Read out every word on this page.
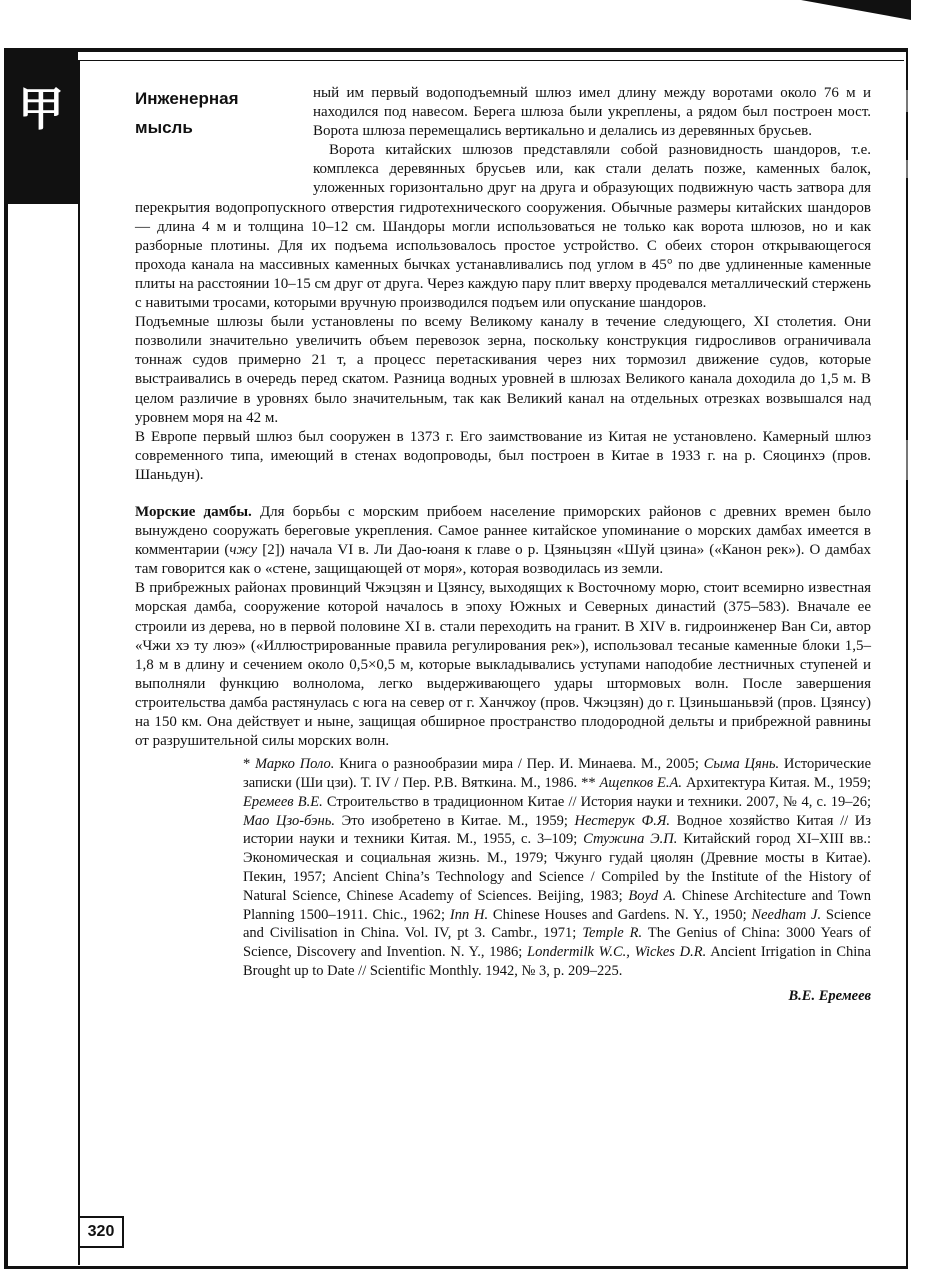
甲	Инженерная
мысль

ный им первый водоподъемный шлюз имел длину между воротами около 76 м и находился под навесом. Берега шлюза были укреплены, а рядом был построен мост. Ворота шлюза перемещались вертикально и делались из деревянных брусьев.

Ворота китайских шлюзов представляли собой разновидность шандоров, т.е. комплекса деревянных брусьев или, как стали делать позже, каменных балок, уложенных горизонтально друг на друга и образующих подвижную часть затвора для перекрытия водопропускного отверстия гидротехнического сооружения. Обычные размеры китайских шандоров — длина 4 м и толщина 10–12 см. Шандоры могли использоваться не только как ворота шлюзов, но и как разборные плотины. Для их подъема использовалось простое устройство. С обеих сторон открывающегося прохода канала на массивных каменных бычках устанавливались под углом в 45° по две удлиненные каменные плиты на расстоянии 10–15 см друг от друга. Через каждую пару плит вверху продевался металлический стержень с навитыми тросами, которыми вручную производился подъем или опускание шандоров.

Подъемные шлюзы были установлены по всему Великому каналу в течение следующего, XI столетия. Они позволили значительно увеличить объем перевозок зерна, поскольку конструкция гидросливов ограничивала тоннаж судов примерно 21 т, а процесс перетаскивания через них тормозил движение судов, которые выстраивались в очередь перед скатом. Разница водных уровней в шлюзах Великого канала доходила до 1,5 м. В целом различие в уровнях было значительным, так как Великий канал на отдельных отрезках возвышался над уровнем моря на 42 м.

В Европе первый шлюз был сооружен в 1373 г. Его заимствование из Китая не установлено. Камерный шлюз современного типа, имеющий в стенах водопроводы, был построен в Китае в 1933 г. на р. Сяоцинхэ (пров. Шаньдун).

Морские дамбы. Для борьбы с морским прибоем население приморских районов с древних времен было вынуждено сооружать береговые укрепления. Самое раннее китайское упоминание о морских дамбах имеется в комментарии (чжу [2]) начала VI в. Ли Дао-юаня к главе о р. Цзяньцзян «Шуй цзина» («Канон рек»). О дамбах там говорится как о «стене, защищающей от моря», которая возводилась из земли.

В прибрежных районах провинций Чжэцзян и Цзянсу, выходящих к Восточному морю, стоит всемирно известная морская дамба, сооружение которой началось в эпоху Южных и Северных династий (375–583). Вначале ее строили из дерева, но в первой половине XI в. стали переходить на гранит. В XIV в. гидроинженер Ван Си, автор «Чжи хэ ту люэ» («Иллюстрированные правила регулирования рек»), использовал тесаные каменные блоки 1,5–1,8 м в длину и сечением около 0,5×0,5 м, которые выкладывались уступами наподобие лестничных ступеней и выполняли функцию волнолома, легко выдерживающего удары штормовых волн. После завершения строительства дамба растянулась с юга на север от г. Ханчжоу (пров. Чжэцзян) до г. Цзиньшаньвэй (пров. Цзянсу) на 150 км. Она действует и ныне, защищая обширное пространство плодородной дельты и прибрежной равнины от разрушительной силы морских волн.

* Марко Поло. Книга о разнообразии мира / Пер. И. Минаева. М., 2005; Сыма Цянь. Исторические записки (Ши цзи). Т. IV / Пер. Р.В. Вяткина. М., 1986. ** Ащепков Е.А. Архитектура Китая. М., 1959; Еремеев В.Е. Строительство в традиционном Китае // История науки и техники. 2007, № 4, с. 19–26; Мао Цзо-бэнь. Это изобретено в Китае. М., 1959; Нестерук Ф.Я. Водное хозяйство Китая // Из истории науки и техники Китая. М., 1955, с. 3–109; Стужина Э.П. Китайский город XI–XIII вв.: Экономическая и социальная жизнь. М., 1979; Чжунго гудай цяолян (Древние мосты в Китае). Пекин, 1957; Ancient China’s Technology and Science / Compiled by the Institute of the History of Natural Science, Chinese Academy of Sciences. Beijing, 1983; Boyd A. Chinese Architecture and Town Planning 1500–1911. Chic., 1962; Inn H. Chinese Houses and Gardens. N. Y., 1950; Needham J. Science and Civilisation in China. Vol. IV, pt 3. Cambr., 1971; Temple R. The Genius of China: 3000 Years of Science, Discovery and Invention. N. Y., 1986; Londermilk W.C., Wickes D.R. Ancient Irrigation in China Brought up to Date // Scientific Monthly. 1942, № 3, p. 209–225.

В.Е. Еремеев
320
